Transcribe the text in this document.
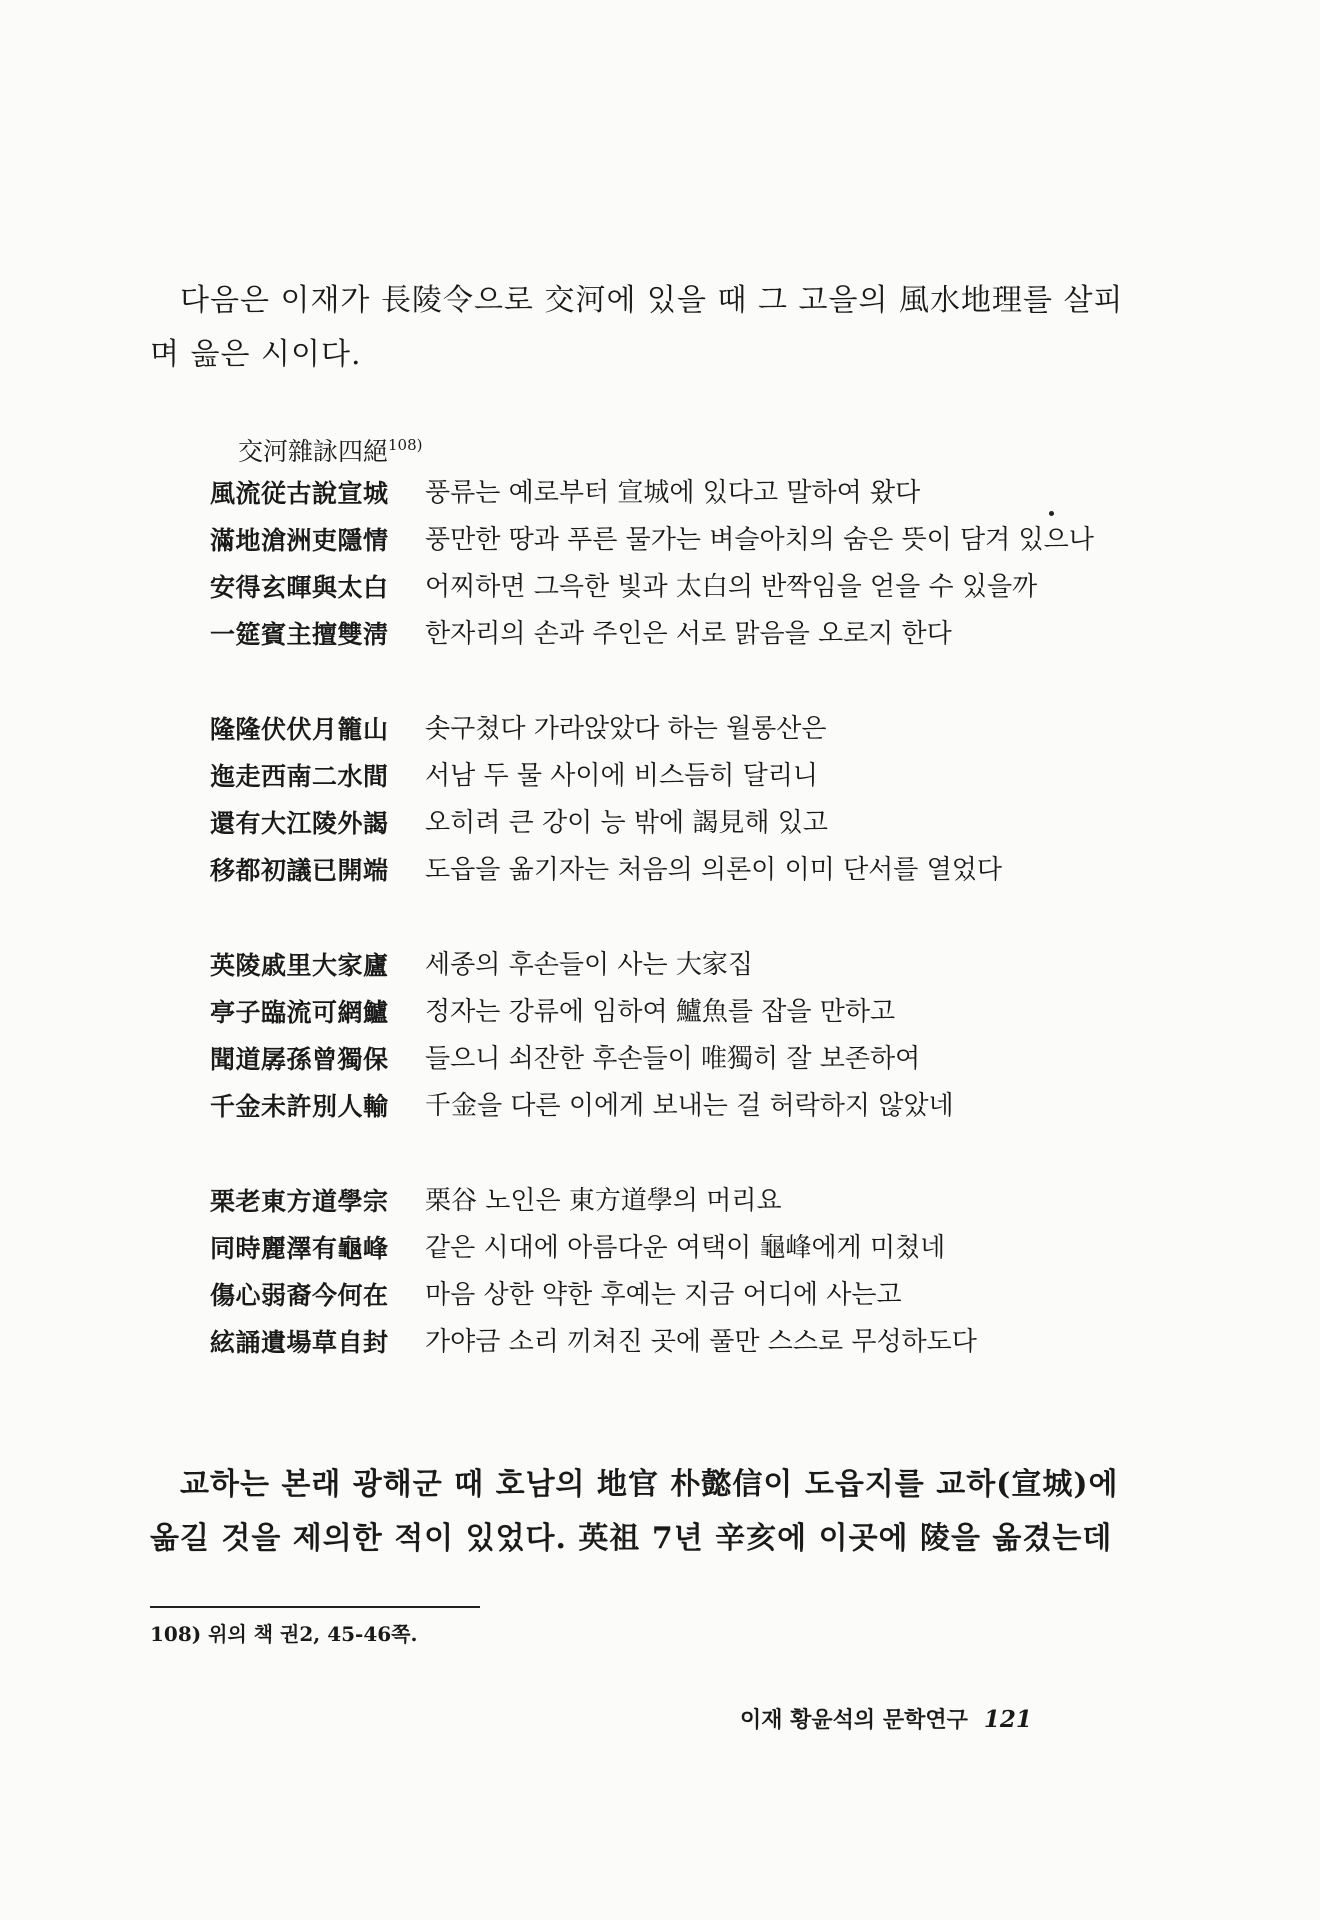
다음은 이재가 長陵令으로 交河에 있을 때 그 고을의 風水地理를 살피
며 읊은 시이다.

交河雜詠四絕$^{108)}$
風流従古說宣城	풍류는 예로부터 宣城에 있다고 말하여 왔다
滿地滄洲吏隱情	풍만한 땅과 푸른 물가는 벼슬아치의 숨은 뜻이 담겨 있으나
安得玄暉與太白	어찌하면 그윽한 빛과 太白의 반짝임을 얻을 수 있을까
一筵賓主擅雙淸	한자리의 손과 주인은 서로 맑음을 오로지 한다
隆隆伏伏月籠山	솟구쳤다 가라앉았다 하는 월롱산은
迤走西南二水間	서남 두 물 사이에 비스듬히 달리니
還有大江陵外謁	오히려 큰 강이 능 밖에 謁見해 있고
移都初議已開端	도읍을 옮기자는 처음의 의론이 이미 단서를 열었다
英陵戚里大家廬	세종의 후손들이 사는 大家집
亭子臨流可網鱸	정자는 강류에 임하여 鱸魚를 잡을 만하고
聞道孱孫曾獨保	들으니 쇠잔한 후손들이 唯獨히 잘 보존하여
千金未許別人輸	千金을 다른 이에게 보내는 걸 허락하지 않았네
栗老東方道學宗	栗谷 노인은 東方道學의 머리요
同時麗澤有龜峰	같은 시대에 아름다운 여택이 龜峰에게 미쳤네
傷心弱裔今何在	마음 상한 약한 후예는 지금 어디에 사는고
絃誦遺場草自封	가야금 소리 끼쳐진 곳에 풀만 스스로 무성하도다

교하는 본래 광해군 때 호남의 地官 朴懿信이 도읍지를 교하(宣城)에
옮길 것을 제의한 적이 있었다. 英祖 7년 辛亥에 이곳에 陵을 옮겼는데

108) 위의 책 권2, 45-46쪽.
이재 황윤석의 문학연구 121
